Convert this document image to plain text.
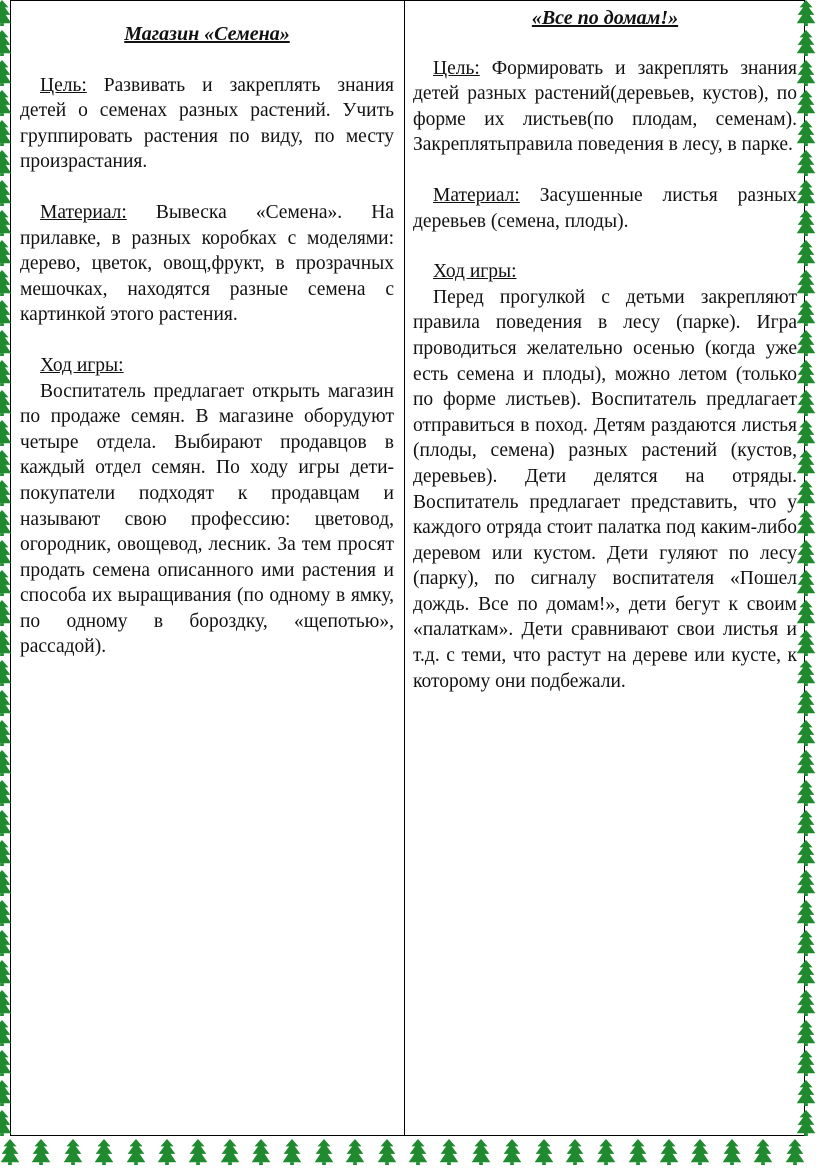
Магазин «Семена»

Цель: Развивать и закреплять знания детей о семенах разных растений. Учить группировать растения по виду, по месту произрастания.

Материал: Вывеска «Семена». На прилавке, в разных коробках с моделями: дерево, цветок, овощ,фрукт, в прозрачных мешочках, находятся разные семена с картинкой этого растения.

Ход игры:

Воспитатель предлагает открыть магазин по продаже семян. В магазине оборудуют четыре отдела. Выбирают продавцов в каждый отдел семян. По ходу игры дети-покупатели подходят к продавцам и называют свою профессию: цветовод, огородник, овощевод, лесник. За тем просят продать семена описанного ими растения и способа их выращивания (по одному в ямку, по одному в бороздку, «щепотью», рассадой).

«Все по домам!»

Цель: Формировать и закреплять знания детей разных растений(деревьев, кустов), по форме их листьев(по плодам, семенам). Закреплятьправила поведения в лесу, в парке.

Материал: Засушенные листья разных деревьев (семена, плоды).

Ход игры:

Перед прогулкой с детьми закрепляют правила поведения в лесу (парке). Игра проводиться желательно осенью (когда уже есть семена и плоды), можно летом (только по форме листьев). Воспитатель предлагает отправиться в поход. Детям раздаются листья (плоды, семена) разных растений (кустов, деревьев). Дети делятся на отряды. Воспитатель предлагает представить, что у каждого отряда стоит палатка под каким-либо деревом или кустом. Дети гуляют по лесу (парку), по сигналу воспитателя «Пошел дождь. Все по домам!», дети бегут к своим «палаткам». Дети сравнивают свои листья и т.д. с теми, что растут на дереве или кусте, к которому они подбежали.
